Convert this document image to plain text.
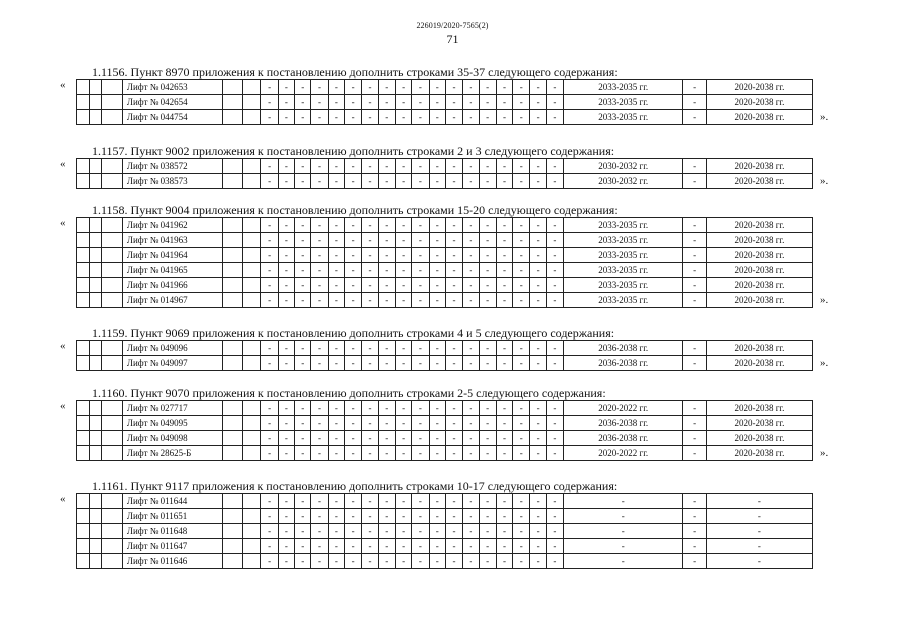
226019/2020-7565(2)
71
1.1156. Пункт 8970 приложения к постановлению дополнить строками 35-37 следующего содержания:
«
				Лифт № 042653			-	-	-	-	-	-	-	-	-	-	-	-	-	-	-	-	-	-	2033-2035 гг.	-	2020-2038 гг.
			Лифт № 042654			-	-	-	-	-	-	-	-	-	-	-	-	-	-	-	-	-	-	2033-2035 гг.	-	2020-2038 гг.
			Лифт № 044754			-	-	-	-	-	-	-	-	-	-	-	-	-	-	-	-	-	-	2033-2035 гг.	-	2020-2038 гг.	».
1.1157. Пункт 9002 приложения к постановлению дополнить строками 2 и 3 следующего содержания:
«
				Лифт № 038572			-	-	-	-	-	-	-	-	-	-	-	-	-	-	-	-	-	-	2030-2032 гг.	-	2020-2038 гг.
			Лифт № 038573			-	-	-	-	-	-	-	-	-	-	-	-	-	-	-	-	-	-	2030-2032 гг.	-	2020-2038 гг.	».
1.1158. Пункт 9004 приложения к постановлению дополнить строками 15-20 следующего содержания:
«
				Лифт № 041962			-	-	-	-	-	-	-	-	-	-	-	-	-	-	-	-	-	-	2033-2035 гг.	-	2020-2038 гг.
			Лифт № 041963			-	-	-	-	-	-	-	-	-	-	-	-	-	-	-	-	-	-	2033-2035 гг.	-	2020-2038 гг.
			Лифт № 041964			-	-	-	-	-	-	-	-	-	-	-	-	-	-	-	-	-	-	2033-2035 гг.	-	2020-2038 гг.
			Лифт № 041965			-	-	-	-	-	-	-	-	-	-	-	-	-	-	-	-	-	-	2033-2035 гг.	-	2020-2038 гг.
			Лифт № 041966			-	-	-	-	-	-	-	-	-	-	-	-	-	-	-	-	-	-	2033-2035 гг.	-	2020-2038 гг.
			Лифт № 014967			-	-	-	-	-	-	-	-	-	-	-	-	-	-	-	-	-	-	2033-2035 гг.	-	2020-2038 гг.	».
1.1159. Пункт 9069 приложения к постановлению дополнить строками 4 и 5 следующего содержания:
«
				Лифт № 049096			-	-	-	-	-	-	-	-	-	-	-	-	-	-	-	-	-	-	2036-2038 гг.	-	2020-2038 гг.
			Лифт № 049097			-	-	-	-	-	-	-	-	-	-	-	-	-	-	-	-	-	-	2036-2038 гг.	-	2020-2038 гг.	».
1.1160. Пункт 9070 приложения к постановлению дополнить строками 2-5 следующего содержания:
«
				Лифт № 027717			-	-	-	-	-	-	-	-	-	-	-	-	-	-	-	-	-	-	2020-2022 гг.	-	2020-2038 гг.
			Лифт № 049095			-	-	-	-	-	-	-	-	-	-	-	-	-	-	-	-	-	-	2036-2038 гг.	-	2020-2038 гг.
			Лифт № 049098			-	-	-	-	-	-	-	-	-	-	-	-	-	-	-	-	-	-	2036-2038 гг.	-	2020-2038 гг.
			Лифт № 28625-Б			-	-	-	-	-	-	-	-	-	-	-	-	-	-	-	-	-	-	2020-2022 гг.	-	2020-2038 гг.	».
1.1161. Пункт 9117 приложения к постановлению дополнить строками 10-17 следующего содержания:
«
				Лифт № 011644			-	-	-	-	-	-	-	-	-	-	-	-	-	-	-	-	-	-	-	-	-
			Лифт № 011651			-	-	-	-	-	-	-	-	-	-	-	-	-	-	-	-	-	-	-	-	-
			Лифт № 011648			-	-	-	-	-	-	-	-	-	-	-	-	-	-	-	-	-	-	-	-	-
			Лифт № 011647			-	-	-	-	-	-	-	-	-	-	-	-	-	-	-	-	-	-	-	-	-
			Лифт № 011646			-	-	-	-	-	-	-	-	-	-	-	-	-	-	-	-	-	-	-	-	-
